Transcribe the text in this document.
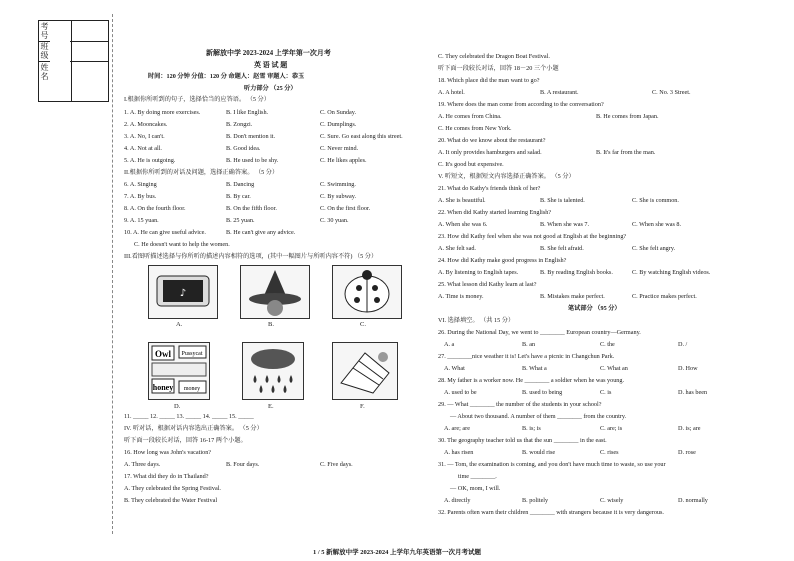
考号
班级
姓名
新解放中学 2023-2024 上学年第一次月考
英 语 试 题
时间：120 分钟 分值：120 分 命题人：赵雪 审题人：恭玉
听力部分 （25 分）
I.根据你所听到的句子，选择恰当的应答语。 （5 分）
1. A. By doing more exercises.	B. I like English.	C. On Sunday.
2. A. Mooncakes.	B. Zongzi.	C. Dumplings.
3. A. No, I can't.	B. Don't mention it.	C. Sure. Go east along this street.
4. A. Not at all.	B. Good idea.	C. Never mind.
5. A. He is outgoing.	B. He used to be shy.	C. He likes apples.
II.根据你所听到的对话及问题，选择正确答案。 （5 分）
6. A. Singing	B. Dancing	C. Swimming.
7. A. By bus.	B. By car.	C. By subway.
8. A. On the fourth floor.	B. On the fifth floor.	C. On the first floor.
9. A. 15 yuan.	B. 25 yuan.	C. 30 yuan.
10. A. He can give useful advice.	B. He can't give any advice.
C. He doesn't want to help the women.
III.看图听描述选择与你所听的描述内容相符的选项，(其中一幅图片与所听内容不符) （5 分）
♪
A.	B.	C.
Owl Pussycat
honey money
D.	E.	F.
11. _____ 12. _____ 13. _____ 14. _____ 15. _____
IV. 听对话，根据对话内容选出正确答案。 （5 分）
听下面一段较长对话，回答 16-17 两个小题。
16. How long was John's vacation?
A. Three days.	B. Four days.	C. Five days.
17. What did they do in Thailand?
A. They celebrated the Spring Festival.
B. They celebrated the Water Festival
C. They celebrated the Dragon Boat Festival.
听下面一段较长对话，回答 18－20 三个小题
18. Which place did the man want to go?
A. A hotel.	B. A restaurant.	C. No. 3 Street.
19. Where does the man come from according to the conversation?
A. He comes from China.	B. He comes from Japan.
C. He comes from New York.
20. What do we know about the restaurant?
A. It only provides hamburgers and salad.	B. It's far from the man.
C. It's good but expensive.
V. 听短文，根据短文内容选择正确答案。 （5 分）
21. What do Kathy's friends think of her?
A. She is beautiful.	B. She is talented.	C. She is common.
22. When did Kathy started learning English?
A. When she was 6.	B. When she was 7.	C. When she was 8.
23. How did Kathy feel when she was not good at English at the beginning?
A. She felt sad.	B. She felt afraid.	C. She felt angry.
24. How did Kathy make good progress in English?
A. By listening to English tapes.	B. By reading English books.	C. By watching English videos.
25. What lesson did Kathy learn at last?
A. Time is money.	B. Mistakes make perfect.	C. Practice makes perfect.
笔试部分 （95 分）
VI. 选择填空。 （共 15 分）
26. During the National Day, we went to ________ European country—Germany.
A. a	B. an	C. the	D. /
27. ________nice weather it is! Let's have a picnic in Changchun Park.
A. What	B. What a	C. What an	D. How
28. My father is a worker now. He ________ a soldier when he was young.
A. used to be	B. used to being	C. is	D. has been
29. — What ________ the number of the students in your school?
— About two thousand. A number of them ________ from the country.
A. are; are	B. is; is	C. are; is	D. is; are
30. The geography teacher told us that the sun ________ in the east.
A. has risen	B. would rise	C. rises	D. rose
31. — Tom, the examination is coming, and you don't have much time to waste, so use your
time ________.
— OK, mom, I will.
A. directly	B. politely	C. wisely	D. normally
32. Parents often warn their children ________ with strangers because it is very dangerous.
1 / 5 新解放中学 2023-2024 上学年九年英语第一次月考试题
